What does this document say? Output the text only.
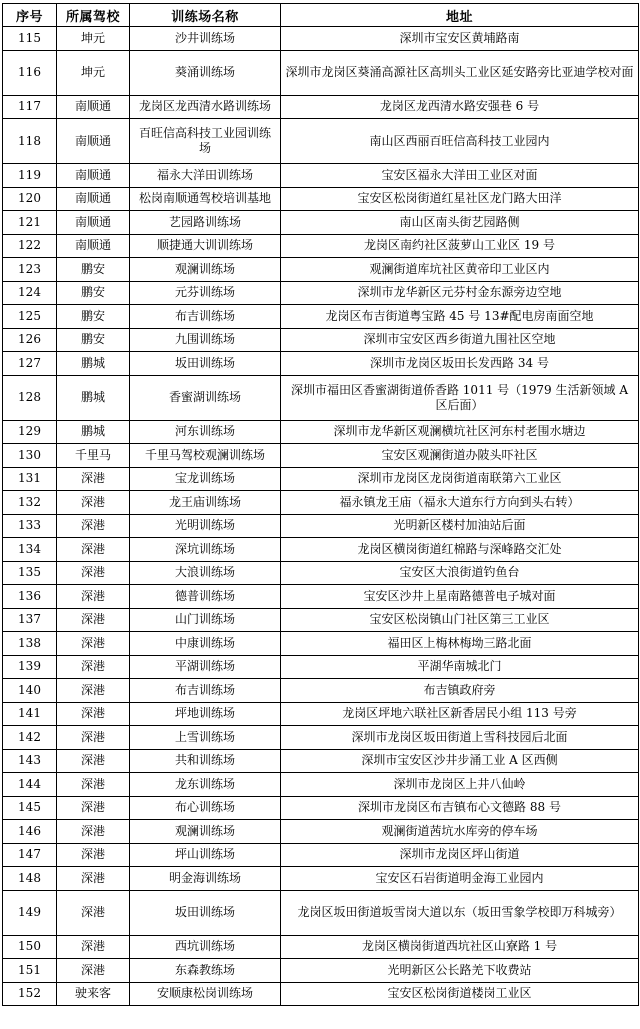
序号	所属驾校	训练场名称	地址
115	坤元	沙井训练场	深圳市宝安区黄埔路南
116	坤元	葵涌训练场	深圳市龙岗区葵涌高源社区高圳头工业区延安路旁比亚迪学校对面
117	南顺通	龙岗区龙西清水路训练场	龙岗区龙西清水路安强巷 6 号
118	南顺通	百旺信高科技工业园训练场	南山区西丽百旺信高科技工业园内
119	南顺通	福永大洋田训练场	宝安区福永大洋田工业区对面
120	南顺通	松岗南顺通驾校培训基地	宝安区松岗街道红星社区龙门路大田洋
121	南顺通	艺园路训练场	南山区南头街艺园路侧
122	南顺通	顺捷通大训训练场	龙岗区南约社区菠萝山工业区 19 号
123	鹏安	观澜训练场	观澜街道库坑社区黄帝印工业区内
124	鹏安	元芬训练场	深圳市龙华新区元芬村金东源旁边空地
125	鹏安	布吉训练场	龙岗区布吉街道粤宝路 45 号 13#配电房南面空地
126	鹏安	九围训练场	深圳市宝安区西乡街道九围社区空地
127	鹏城	坂田训练场	深圳市龙岗区坂田长发西路 34 号
128	鹏城	香蜜湖训练场	深圳市福田区香蜜湖街道侨香路 1011 号（1979 生活新领域 A 区后面）
129	鹏城	河东训练场	深圳市龙华新区观澜横坑社区河东村老围水塘边
130	千里马	千里马驾校观澜训练场	宝安区观澜街道办陂头吓社区
131	深港	宝龙训练场	深圳市龙岗区龙岗街道南联第六工业区
132	深港	龙王庙训练场	福永镇龙王庙（福永大道东行方向到头右转）
133	深港	光明训练场	光明新区楼村加油站后面
134	深港	深坑训练场	龙岗区横岗街道红棉路与深峰路交汇处
135	深港	大浪训练场	宝安区大浪街道钓鱼台
136	深港	德普训练场	宝安区沙井上星南路德普电子城对面
137	深港	山门训练场	宝安区松岗镇山门社区第三工业区
138	深港	中康训练场	福田区上梅林梅坳三路北面
139	深港	平湖训练场	平湖华南城北门
140	深港	布吉训练场	布吉镇政府旁
141	深港	坪地训练场	龙岗区坪地六联社区新香居民小组 113 号旁
142	深港	上雪训练场	深圳市龙岗区坂田街道上雪科技园后北面
143	深港	共和训练场	深圳市宝安区沙井步涌工业 A 区西侧
144	深港	龙东训练场	深圳市龙岗区上井八仙岭
145	深港	布心训练场	深圳市龙岗区布吉镇布心文德路 88 号
146	深港	观澜训练场	观澜街道茜坑水库旁的停车场
147	深港	坪山训练场	深圳市龙岗区坪山街道
148	深港	明金海训练场	宝安区石岩街道明金海工业园内
149	深港	坂田训练场	龙岗区坂田街道坂雪岗大道以东（坂田雪象学校即万科城旁）
150	深港	西坑训练场	龙岗区横岗街道西坑社区山寮路 1 号
151	深港	东森教练场	光明新区公长路羌下收费站
152	驶来客	安顺康松岗训练场	宝安区松岗街道楼岗工业区
